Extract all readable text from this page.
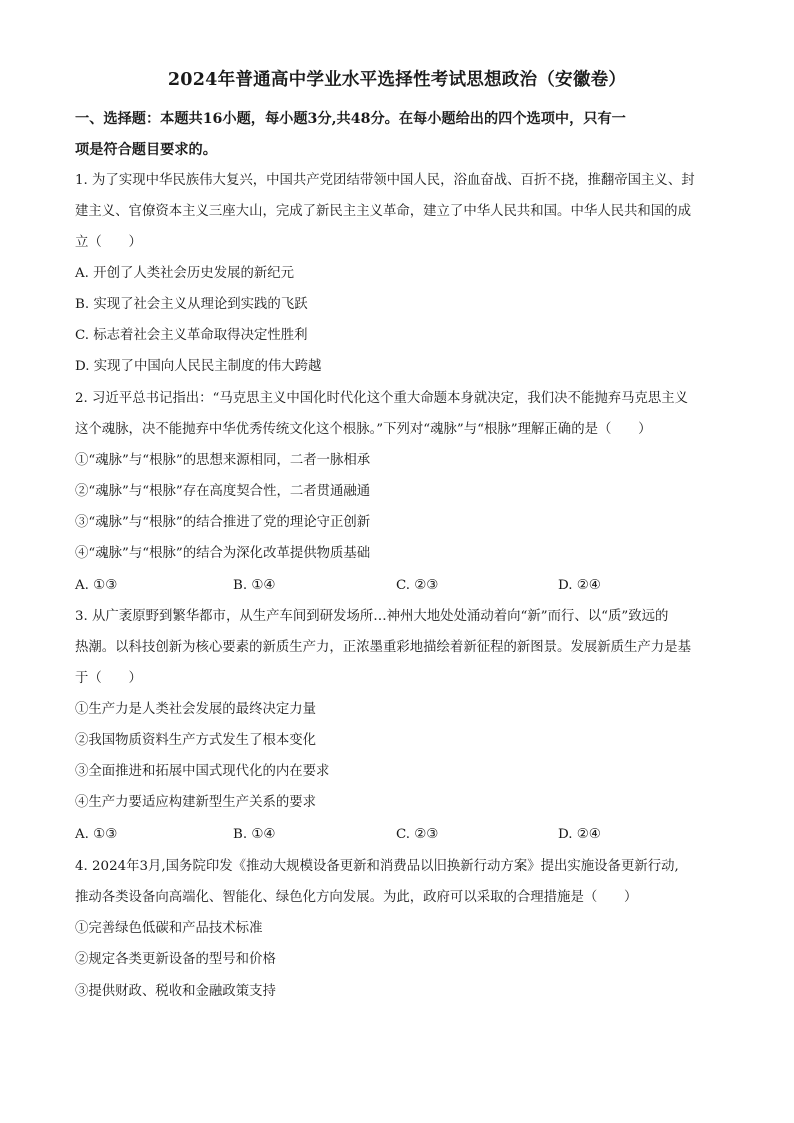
2024年普通高中学业水平选择性考试思想政治（安徽卷）
一、选择题：本题共16小题，每小题3分,共48分。在每小题给出的四个选项中，只有一
项是符合题目要求的。
1. 为了实现中华民族伟大复兴，中国共产党团结带领中国人民，浴血奋战、百折不挠，推翻帝国主义、封
建主义、官僚资本主义三座大山，完成了新民主主义革命，建立了中华人民共和国。中华人民共和国的成
立（　　）
A. 开创了人类社会历史发展的新纪元
B. 实现了社会主义从理论到实践的飞跃
C. 标志着社会主义革命取得决定性胜利
D. 实现了中国向人民民主制度的伟大跨越
2. 习近平总书记指出：“马克思主义中国化时代化这个重大命题本身就决定，我们决不能抛弃马克思主义
这个魂脉，决不能抛弃中华优秀传统文化这个根脉。”下列对“魂脉”与“根脉”理解正确的是（　　）
①“魂脉”与“根脉”的思想来源相同，二者一脉相承
②“魂脉”与“根脉”存在高度契合性，二者贯通融通
③“魂脉”与“根脉”的结合推进了党的理论守正创新
④“魂脉”与“根脉”的结合为深化改革提供物质基础
A. ①③	B. ①④	C. ②③	D. ②④
3. 从广袤原野到繁华都市，从生产车间到研发场所…神州大地处处涌动着向“新”而行、以“质”致远的
热潮。以科技创新为核心要素的新质生产力，正浓墨重彩地描绘着新征程的新图景。发展新质生产力是基
于（　　）
①生产力是人类社会发展的最终决定力量
②我国物质资料生产方式发生了根本变化
③全面推进和拓展中国式现代化的内在要求
④生产力要适应构建新型生产关系的要求
A. ①③	B. ①④	C. ②③	D. ②④
4. 2024年3月,国务院印发《推动大规模设备更新和消费品以旧换新行动方案》提出实施设备更新行动,
推动各类设备向高端化、智能化、绿色化方向发展。为此，政府可以采取的合理措施是（　　）
①完善绿色低碳和产品技术标准
②规定各类更新设备的型号和价格
③提供财政、税收和金融政策支持
